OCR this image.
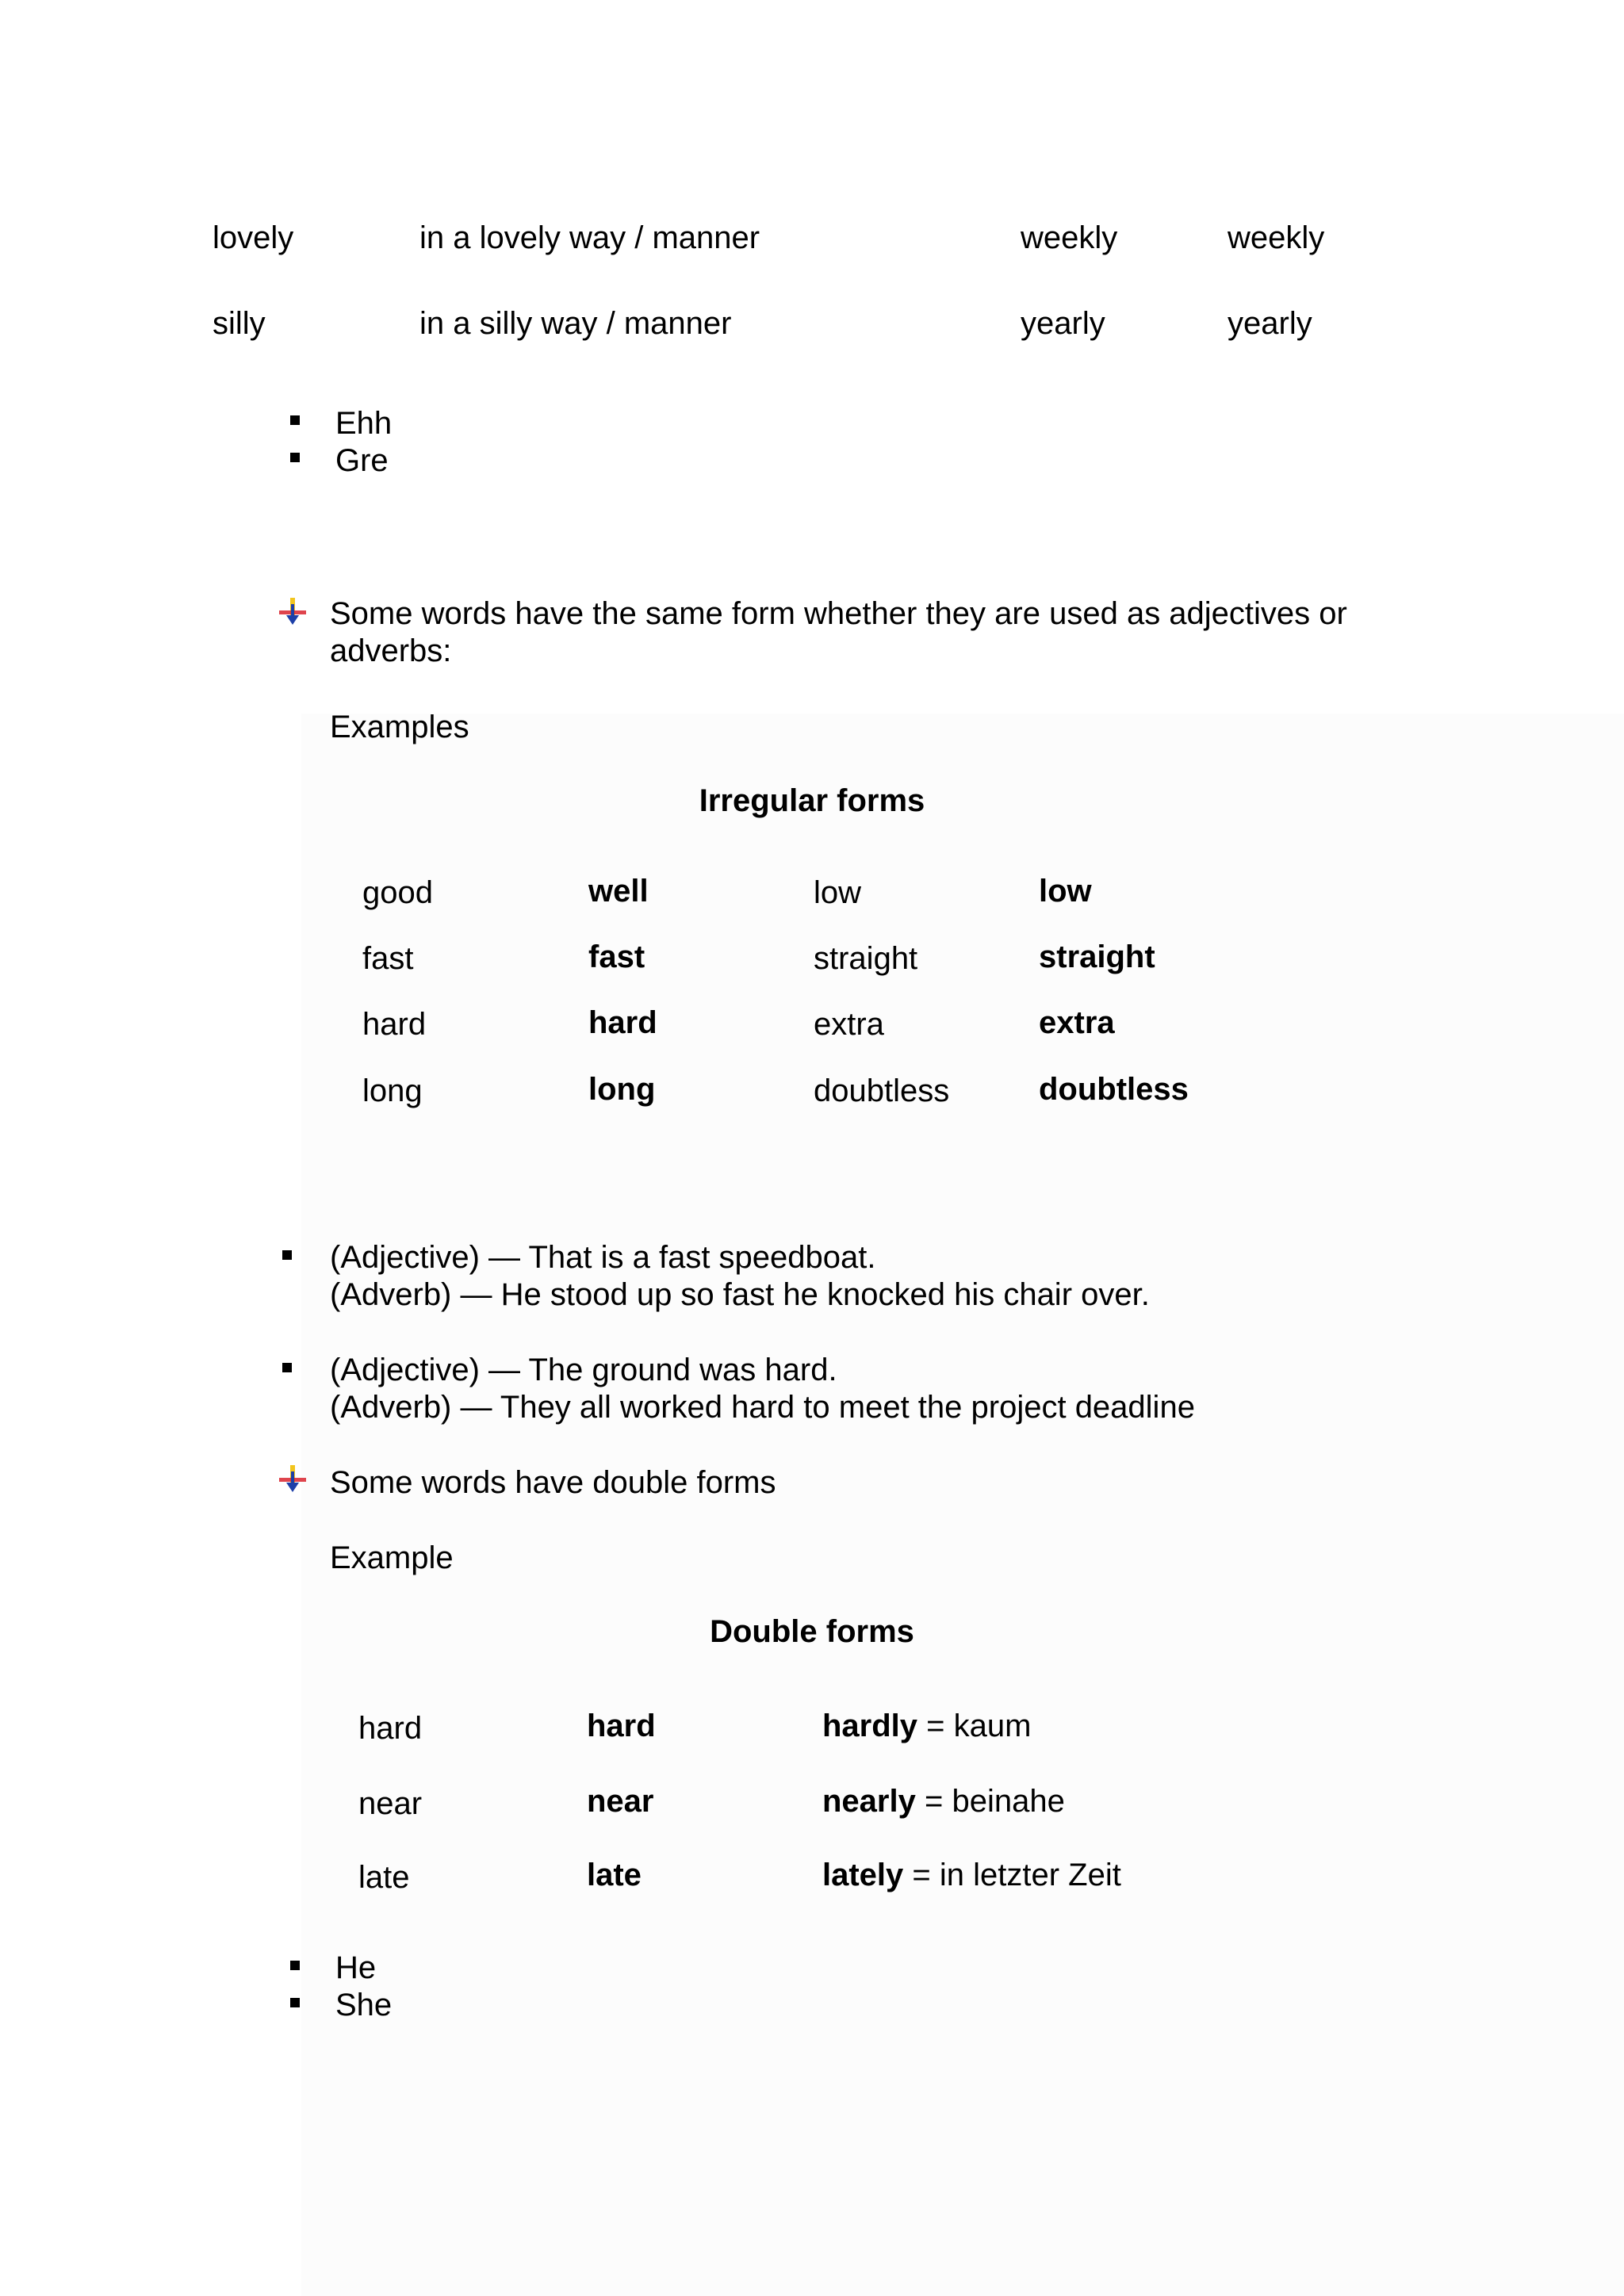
lovely	in a lovely way / manner	weekly	weekly
silly	in a silly way / manner	yearly	yearly
Ehh
Gre
Some words have the same form whether they are used as adjectives or
adverbs:
Examples
Irregular forms
good	well	low	low
fast	fast	straight	straight
hard	hard	extra	extra
long	long	doubtless	doubtless
(Adjective) — That is a fast speedboat.
(Adverb) — He stood up so fast he knocked his chair over.
(Adjective) — The ground was hard.
(Adverb) — They all worked hard to meet the project deadline
Some words have double forms
Example
Double forms
hard	hard	hardly = kaum
near	near	nearly = beinahe
late	late	lately = in letzter Zeit
He
She
